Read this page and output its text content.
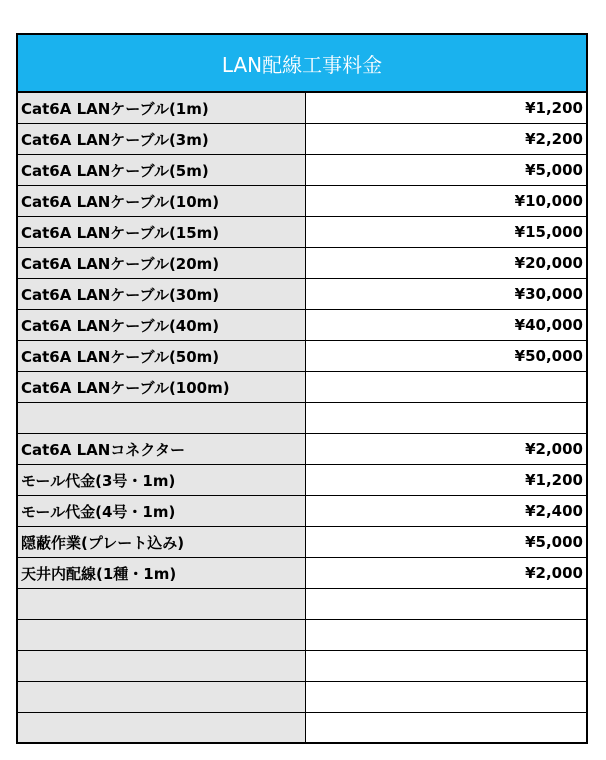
LAN配線工事料金
Cat6A LANケーブル(1m)	¥1,200
Cat6A LANケーブル(3m)	¥2,200
Cat6A LANケーブル(5m)	¥5,000
Cat6A LANケーブル(10m)	¥10,000
Cat6A LANケーブル(15m)	¥15,000
Cat6A LANケーブル(20m)	¥20,000
Cat6A LANケーブル(30m)	¥30,000
Cat6A LANケーブル(40m)	¥40,000
Cat6A LANケーブル(50m)	¥50,000
Cat6A LANケーブル(100m)	

Cat6A LANコネクター	¥2,000
モール代金(3号・1m)	¥1,200
モール代金(4号・1m)	¥2,400
隠蔽作業(プレート込み)	¥5,000
天井内配線(1種・1m)	¥2,000
